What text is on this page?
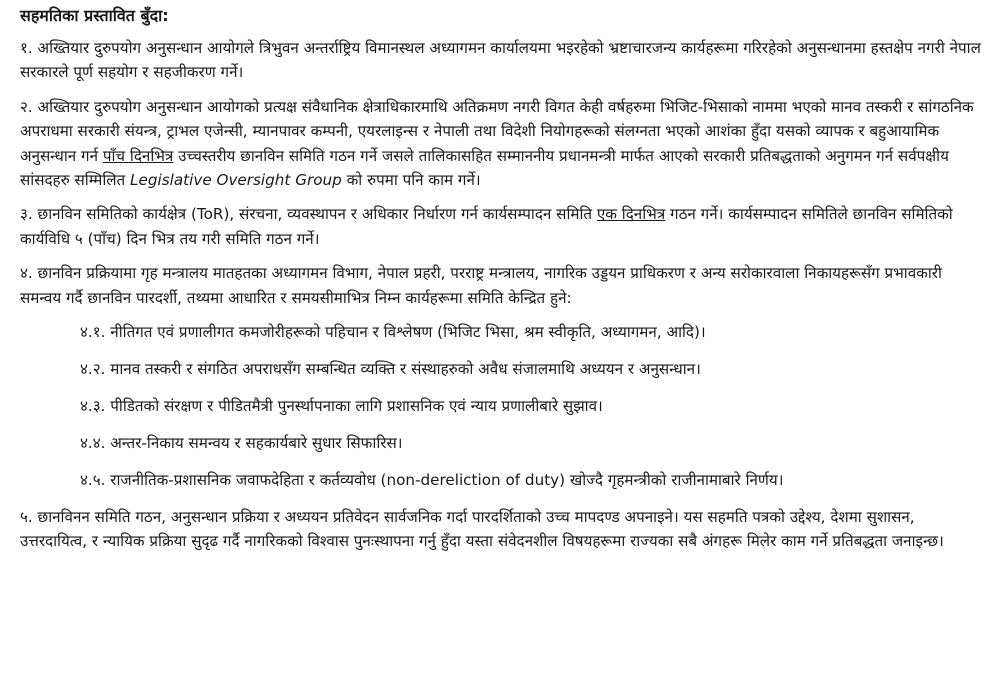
सहमतिका प्रस्तावित बुँदा:

१. अख्तियार दुरुपयोग अनुसन्धान आयोगले त्रिभुवन अन्तर्राष्ट्रिय विमानस्थल अध्यागमन कार्यालयमा भइरहेको भ्रष्टाचारजन्य कार्यहरूमा गरिरहेको अनुसन्धानमा हस्तक्षेप नगरी नेपाल सरकारले पूर्ण सहयोग र सहजीकरण गर्ने।

२. अख्तियार दुरुपयोग अनुसन्धान आयोगको प्रत्यक्ष संवैधानिक क्षेत्राधिकारमाथि अतिक्रमण नगरी विगत केही वर्षहरुमा भिजिट-भिसाको नाममा भएको मानव तस्करी र सांगठनिक अपराधमा सरकारी संयन्त्र, ट्राभल एजेन्सी, म्यानपावर कम्पनी, एयरलाइन्स र नेपाली तथा विदेशी नियोगहरूको संलग्नता भएको आशंका हुँदा यसको व्यापक र बहुआयामिक अनुसन्धान गर्न पाँच दिनभित्र उच्चस्तरीय छानविन समिति गठन गर्ने जसले तालिकासहित सम्माननीय प्रधानमन्त्री मार्फत आएको सरकारी प्रतिबद्धताको अनुगमन गर्न सर्वपक्षीय सांसदहरु सम्मिलित Legislative Oversight Group को रुपमा पनि काम गर्ने।

३. छानविन समितिको कार्यक्षेत्र (ToR), संरचना, व्यवस्थापन र अधिकार निर्धारण गर्न कार्यसम्पादन समिति एक दिनभित्र गठन गर्ने। कार्यसम्पादन समितिले छानविन समितिको कार्यविधि ५ (पाँच) दिन भित्र तय गरी समिति गठन गर्ने।

४. छानविन प्रक्रियामा गृह मन्त्रालय मातहतका अध्यागमन विभाग, नेपाल प्रहरी, परराष्ट्र मन्त्रालय, नागरिक उड्डयन प्राधिकरण र अन्य सरोकारवाला निकायहरूसँग प्रभावकारी समन्वय गर्दै छानविन पारदर्शी, तथ्यमा आधारित र समयसीमाभित्र निम्न कार्यहरूमा समिति केन्द्रित हुने:

४.१. नीतिगत एवं प्रणालीगत कमजोरीहरूको पहिचान र विश्लेषण (भिजिट भिसा, श्रम स्वीकृति, अध्यागमन, आदि)।

४.२. मानव तस्करी र संगठित अपराधसँग सम्बन्धित व्यक्ति र संस्थाहरुको अवैध संजालमाथि अध्ययन र अनुसन्धान।

४.३. पीडितको संरक्षण र पीडितमैत्री पुनर्स्थापनाका लागि प्रशासनिक एवं न्याय प्रणालीबारे सुझाव।

४.४. अन्तर-निकाय समन्वय र सहकार्यबारे सुधार सिफारिस।

४.५. राजनीतिक-प्रशासनिक जवाफदेहिता र कर्तव्यवोध (non-dereliction of duty) खोज्दै गृहमन्त्रीको राजीनामाबारे निर्णय।

५. छानविनन समिति गठन, अनुसन्धान प्रक्रिया र अध्ययन प्रतिवेदन सार्वजनिक गर्दा पारदर्शिताको उच्च मापदण्ड अपनाइने। यस सहमति पत्रको उद्देश्य, देशमा सुशासन, उत्तरदायित्व, र न्यायिक प्रक्रिया सुदृढ गर्दै नागरिकको विश्वास पुनःस्थापना गर्नु हुँदा यस्ता संवेदनशील विषयहरूमा राज्यका सबै अंगहरू मिलेर काम गर्ने प्रतिबद्धता जनाइन्छ।
